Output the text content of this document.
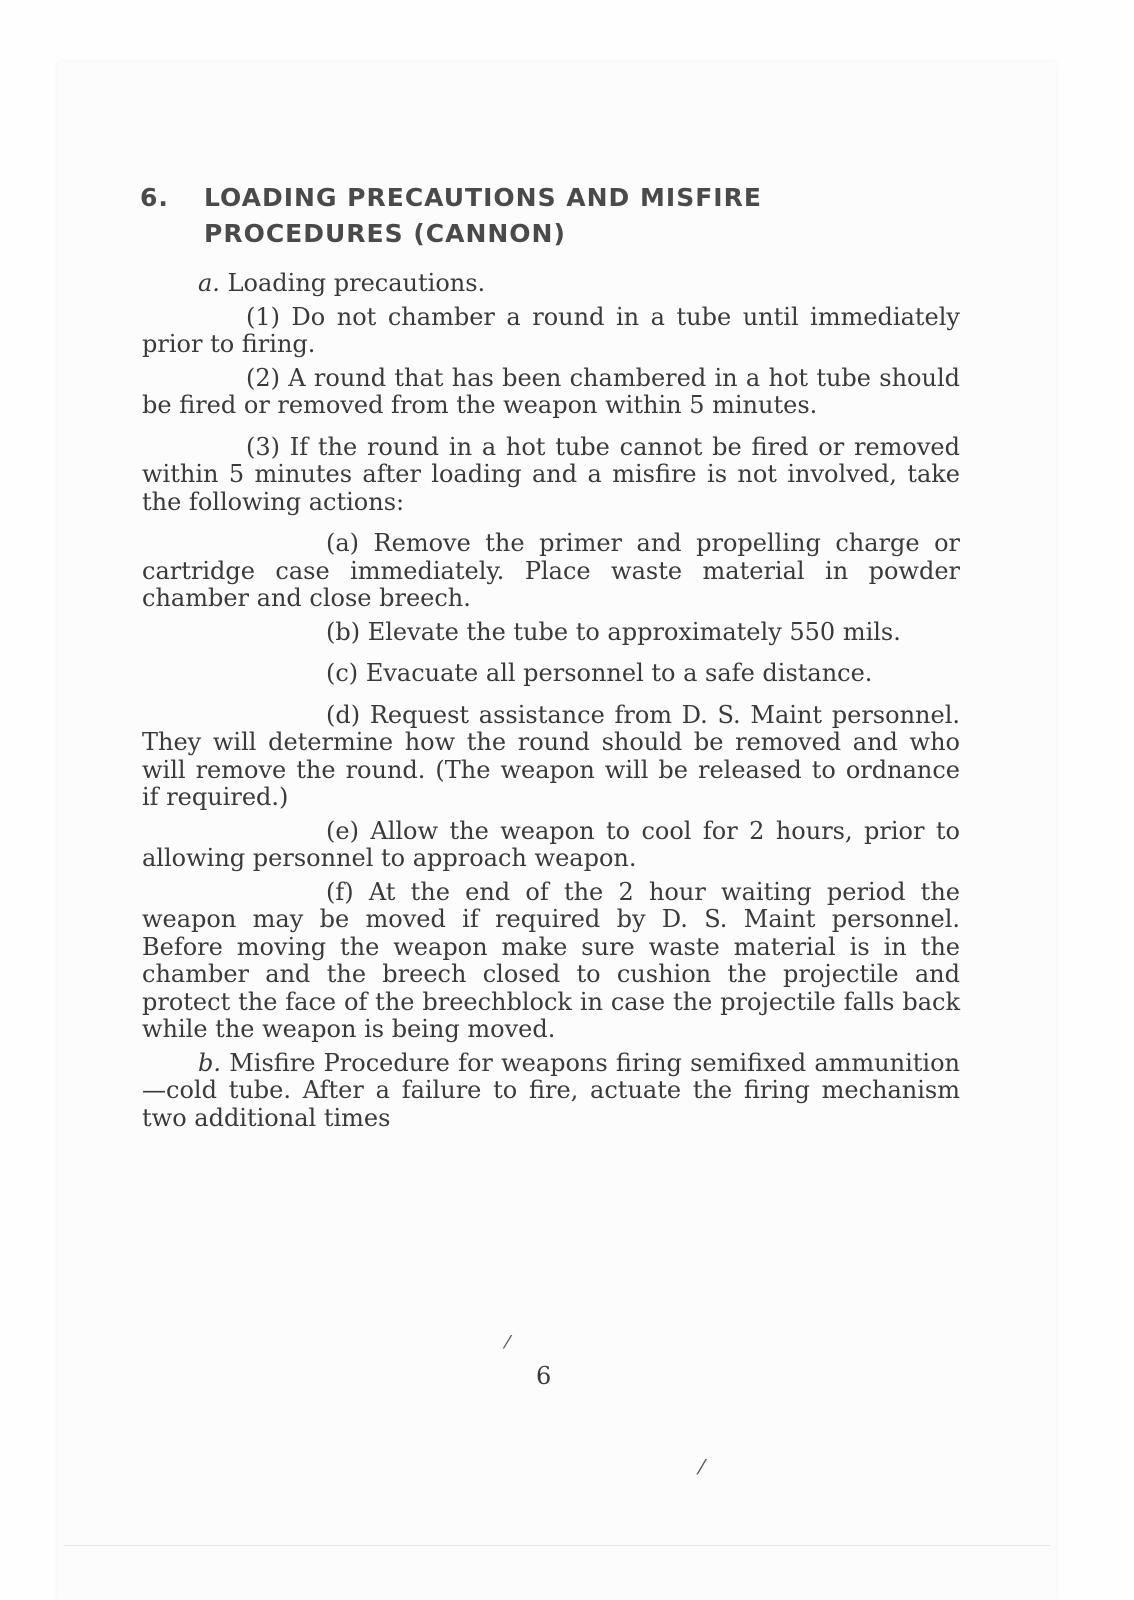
6. LOADING PRECAUTIONS AND MISFIRE
PROCEDURES (CANNON)

a. Loading precautions.

(1) Do not chamber a round in a tube until immediately prior to firing.

(2) A round that has been chambered in a hot tube should be fired or removed from the weapon within 5 minutes.

(3) If the round in a hot tube cannot be fired or removed within 5 minutes after loading and a misfire is not involved, take the following actions:

(a) Remove the primer and propelling charge or cartridge case immediately. Place waste material in powder chamber and close breech.

(b) Elevate the tube to approximately 550 mils.

(c) Evacuate all personnel to a safe distance.

(d) Request assistance from D. S. Maint personnel. They will determine how the round should be removed and who will remove the round. (The weapon will be released to ordnance if required.)

(e) Allow the weapon to cool for 2 hours, prior to allowing personnel to approach weapon.

(f) At the end of the 2 hour waiting period the weapon may be moved if required by D. S. Maint personnel. Before moving the weapon make sure waste material is in the chamber and the breech closed to cushion the projectile and protect the face of the breechblock in case the projectile falls back while the weapon is being moved.

b. Misfire Procedure for weapons firing semifixed ammunition—cold tube. After a failure to fire, actuate the firing mechanism two additional times

6
⁄
⁄
